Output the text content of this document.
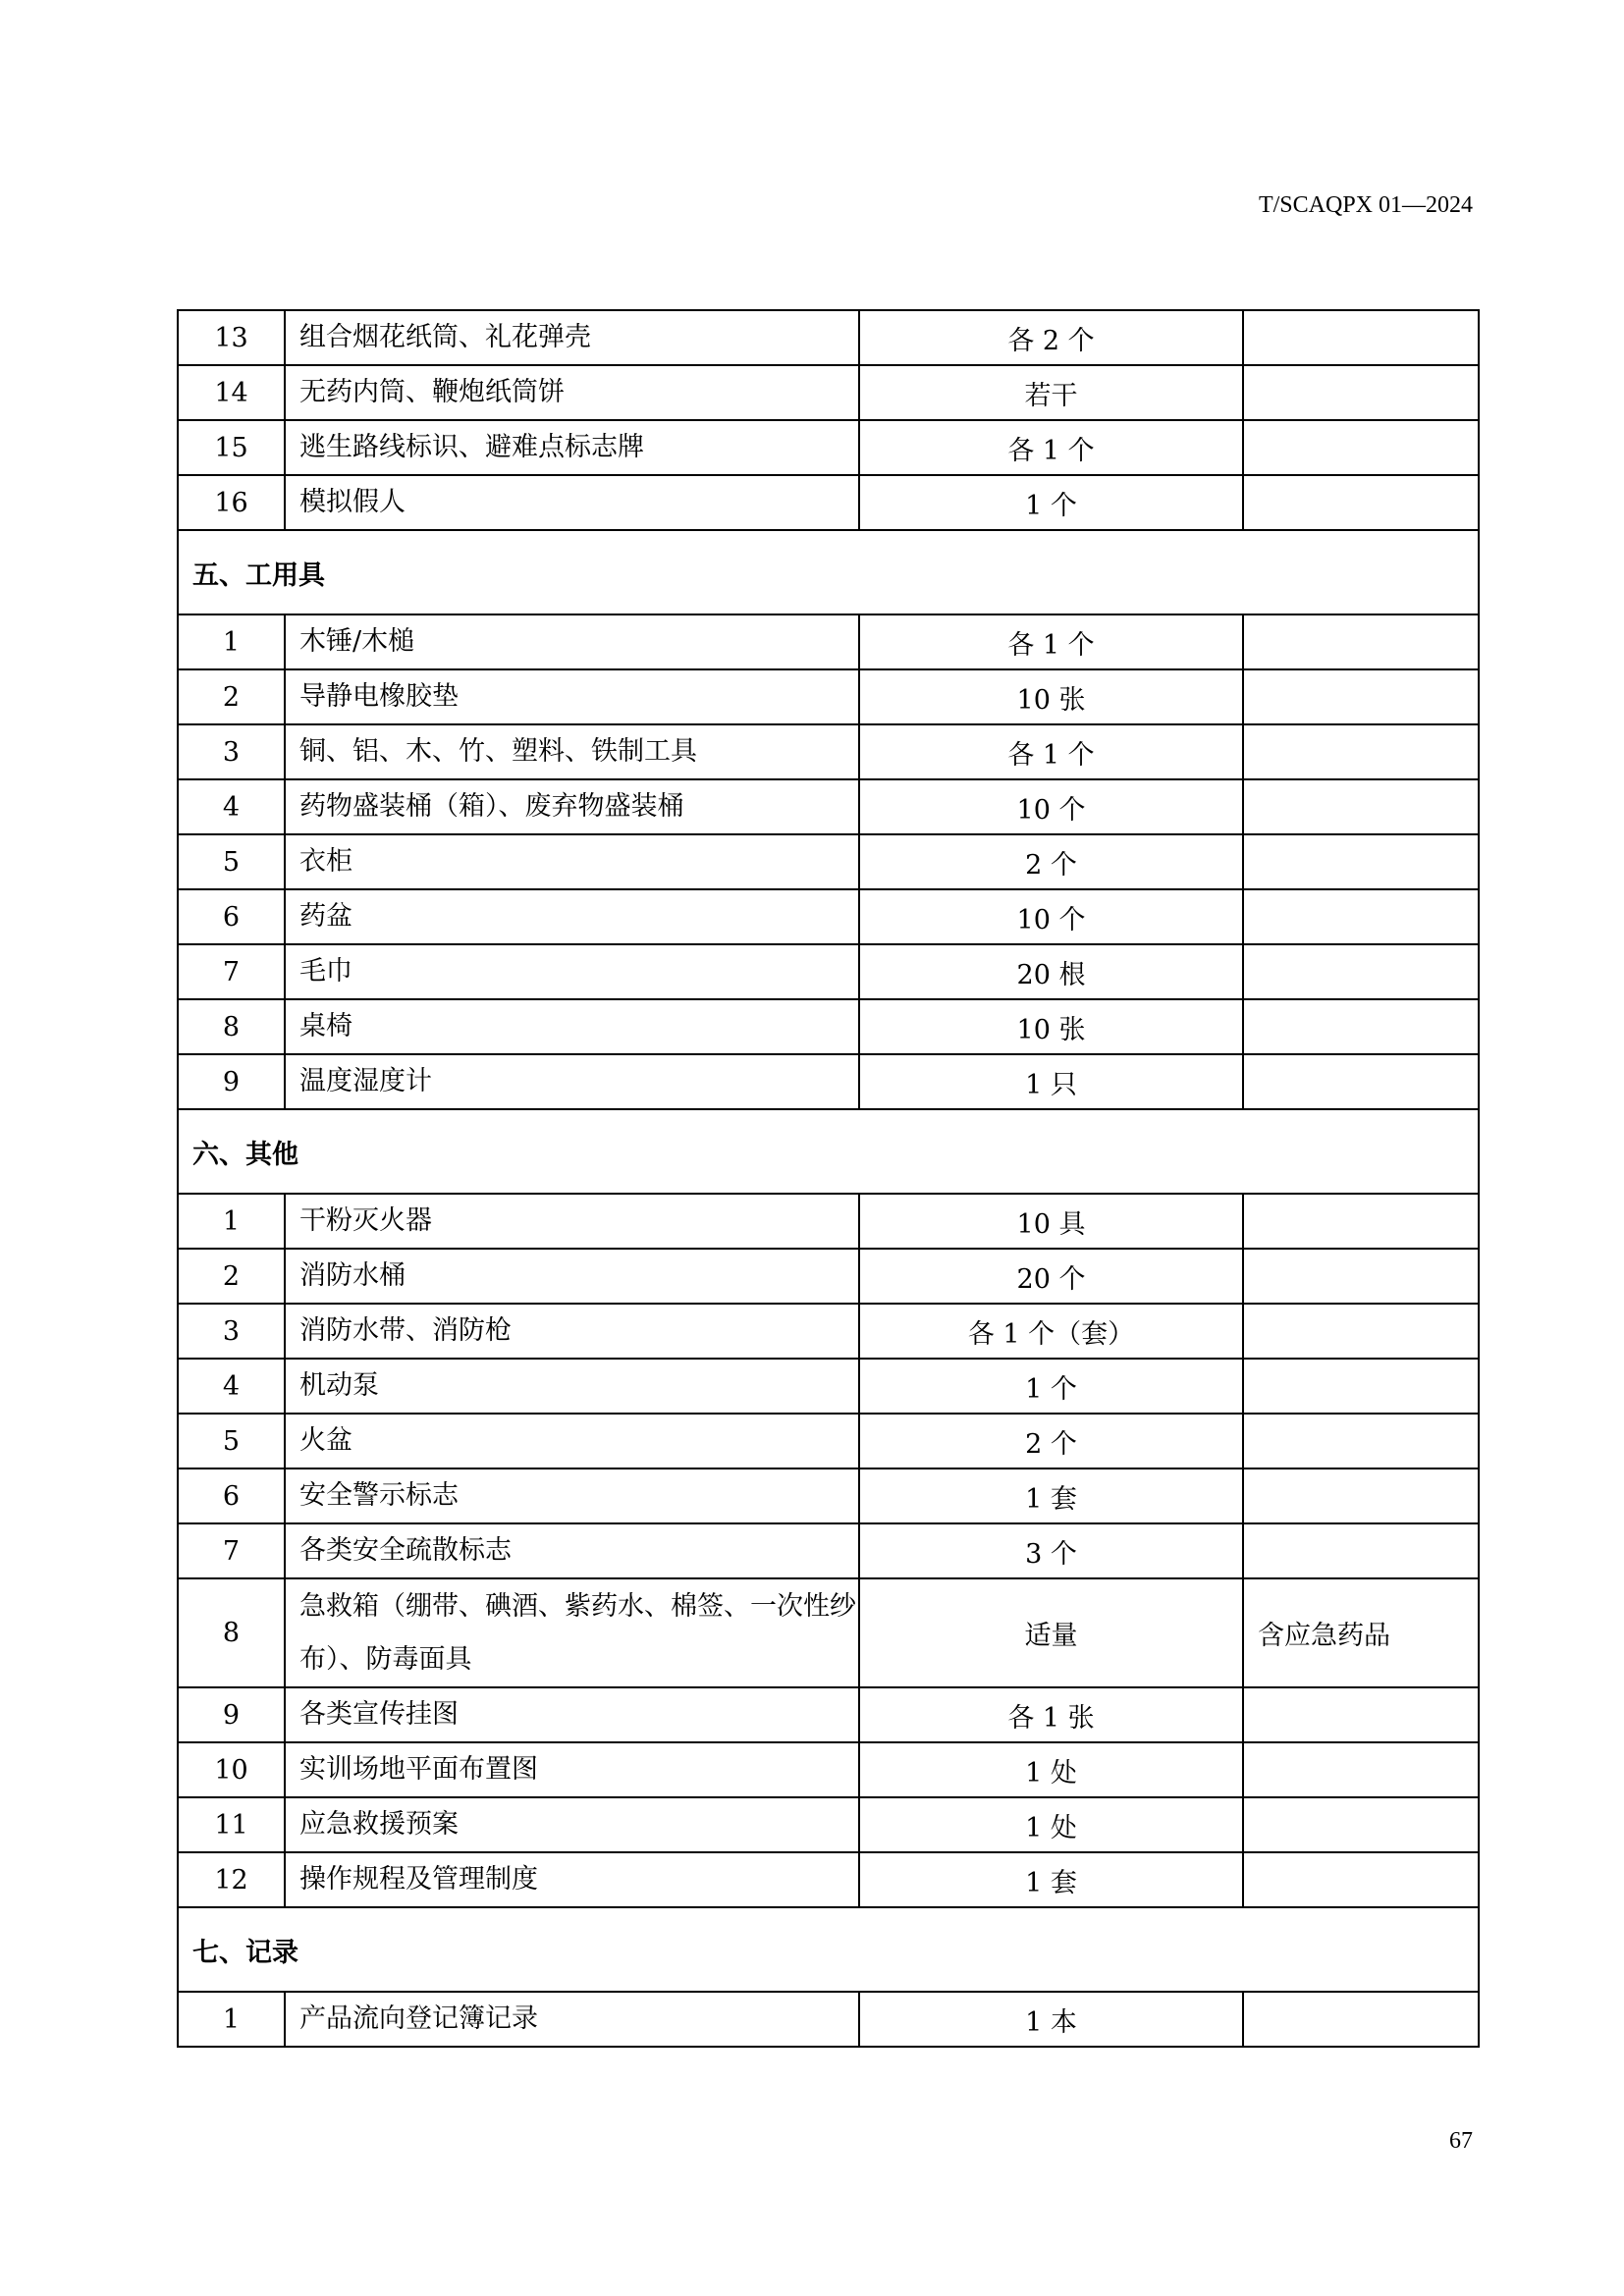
T/SCAQPX 01—2024
13	组合烟花纸筒、礼花弹壳	各 2 个	
14	无药内筒、鞭炮纸筒饼	若干	
15	逃生路线标识、避难点标志牌	各 1 个	
16	模拟假人	1 个	
五、工用具			
1	木锤/木槌	各 1 个	
2	导静电橡胶垫	10 张	
3	铜、铝、木、竹、塑料、铁制工具	各 1 个	
4	药物盛装桶（箱）、废弃物盛装桶	10 个	
5	衣柜	2 个	
6	药盆	10 个	
7	毛巾	20 根	
8	桌椅	10 张	
9	温度湿度计	1 只	
六、其他			
1	干粉灭火器	10 具	
2	消防水桶	20 个	
3	消防水带、消防枪	各 1 个（套）	
4	机动泵	1 个	
5	火盆	2 个	
6	安全警示标志	1 套	
7	各类安全疏散标志	3 个	
8	急救箱（绷带、碘酒、紫药水、棉签、一次性纱布）、防毒面具	适量	含应急药品
9	各类宣传挂图	各 1 张	
10	实训场地平面布置图	1 处	
11	应急救援预案	1 处	
12	操作规程及管理制度	1 套	
七、记录			
1	产品流向登记簿记录	1 本	
67
